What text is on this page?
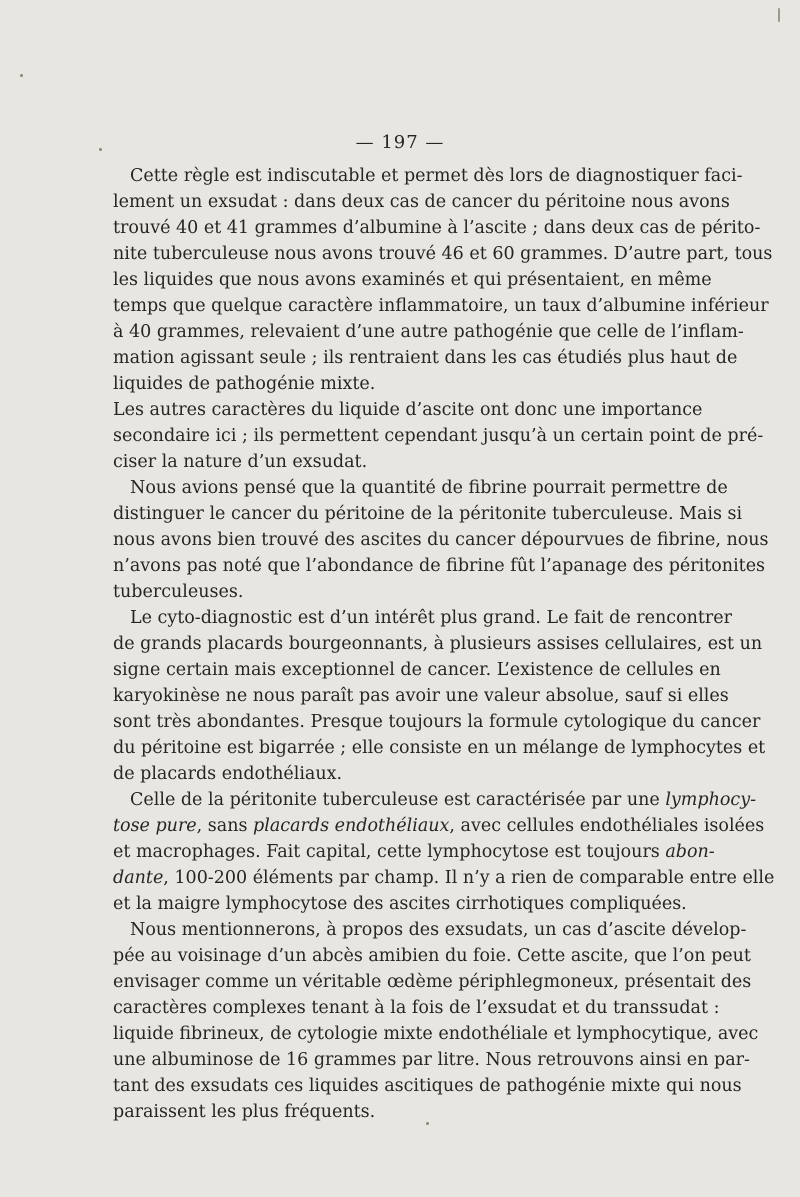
— 197 —
Cette règle est indiscutable et permet dès lors de diagnostiquer faci-
lement un exsudat : dans deux cas de cancer du péritoine nous avons
trouvé 40 et 41 grammes d’albumine à l’ascite ; dans deux cas de périto-
nite tuberculeuse nous avons trouvé 46 et 60 grammes. D’autre part, tous
les liquides que nous avons examinés et qui présentaient, en même
temps que quelque caractère inflammatoire, un taux d’albumine inférieur
à 40 grammes, relevaient d’une autre pathogénie que celle de l’inflam-
mation agissant seule ; ils rentraient dans les cas étudiés plus haut de
liquides de pathogénie mixte.
Les autres caractères du liquide d’ascite ont donc une importance
secondaire ici ; ils permettent cependant jusqu’à un certain point de pré-
ciser la nature d’un exsudat.
Nous avions pensé que la quantité de fibrine pourrait permettre de
distinguer le cancer du péritoine de la péritonite tuberculeuse. Mais si
nous avons bien trouvé des ascites du cancer dépourvues de fibrine, nous
n’avons pas noté que l’abondance de fibrine fût l’apanage des péritonites
tuberculeuses.
Le cyto-diagnostic est d’un intérêt plus grand. Le fait de rencontrer
de grands placards bourgeonnants, à plusieurs assises cellulaires, est un
signe certain mais exceptionnel de cancer. L’existence de cellules en
karyokinèse ne nous paraît pas avoir une valeur absolue, sauf si elles
sont très abondantes. Presque toujours la formule cytologique du cancer
du péritoine est bigarrée ; elle consiste en un mélange de lymphocytes et
de placards endothéliaux.
Celle de la péritonite tuberculeuse est caractérisée par une lymphocy-
tose pure, sans placards endothéliaux, avec cellules endothéliales isolées
et macrophages. Fait capital, cette lymphocytose est toujours abon-
dante, 100-200 éléments par champ. Il n’y a rien de comparable entre elle
et la maigre lymphocytose des ascites cirrhotiques compliquées.
Nous mentionnerons, à propos des exsudats, un cas d’ascite dévelop-
pée au voisinage d’un abcès amibien du foie. Cette ascite, que l’on peut
envisager comme un véritable œdème périphlegmoneux, présentait des
caractères complexes tenant à la fois de l’exsudat et du transsudat :
liquide fibrineux, de cytologie mixte endothéliale et lymphocytique, avec
une albuminose de 16 grammes par litre. Nous retrouvons ainsi en par-
tant des exsudats ces liquides ascitiques de pathogénie mixte qui nous
paraissent les plus fréquents.
